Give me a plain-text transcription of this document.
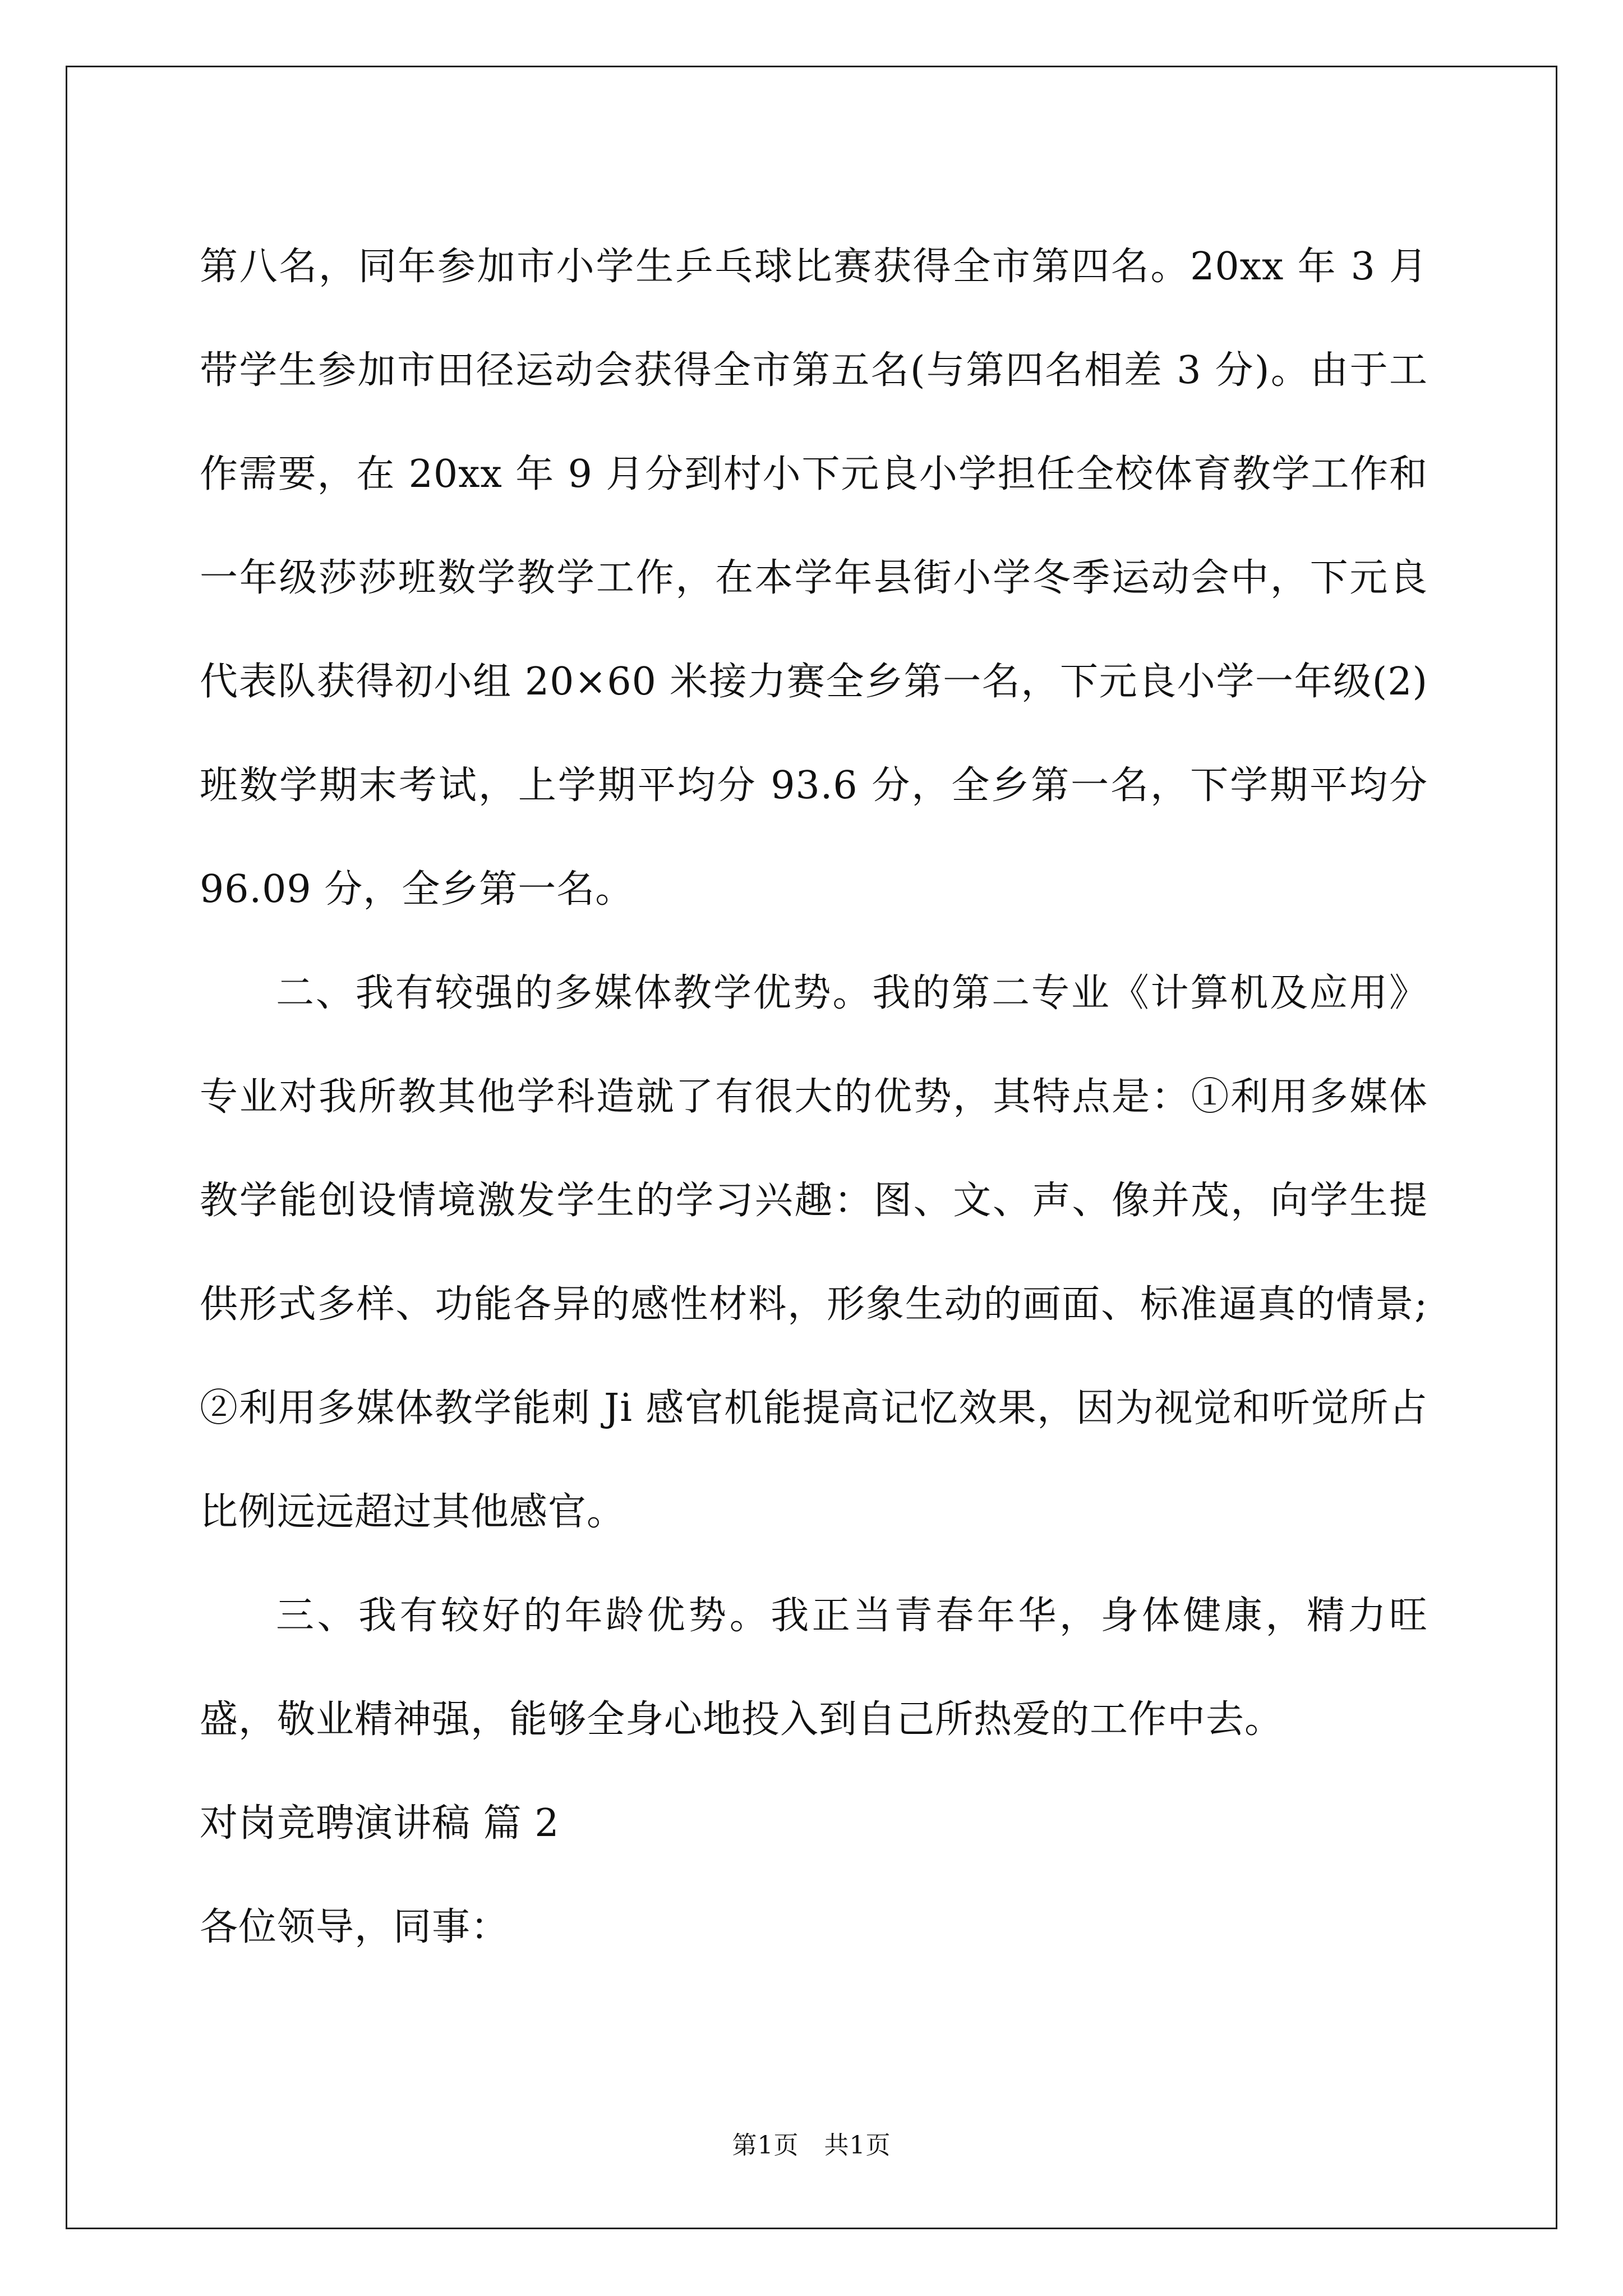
第八名，同年参加市小学生乒乓球比赛获得全市第四名。20xx 年 3 月带学生参加市田径运动会获得全市第五名(与第四名相差 3 分)。由于工作需要，在 20xx 年 9 月分到村小下元良小学担任全校体育教学工作和一年级莎莎班数学教学工作，在本学年县街小学冬季运动会中，下元良代表队获得初小组 20×60 米接力赛全乡第一名，下元良小学一年级(2)班数学期末考试，上学期平均分 93.6 分，全乡第一名，下学期平均分 96.09 分，全乡第一名。

二、我有较强的多媒体教学优势。我的第二专业《计算机及应用》专业对我所教其他学科造就了有很大的优势，其特点是：①利用多媒体教学能创设情境激发学生的学习兴趣：图、文、声、像并茂，向学生提供形式多样、功能各异的感性材料，形象生动的画面、标准逼真的情景;②利用多媒体教学能刺 Ji 感官机能提高记忆效果，因为视觉和听觉所占比例远远超过其他感官。

三、我有较好的年龄优势。我正当青春年华，身体健康，精力旺盛，敬业精神强，能够全身心地投入到自己所热爱的工作中去。

对岗竞聘演讲稿 篇 2

各位领导，同事：

第1页　共1页
